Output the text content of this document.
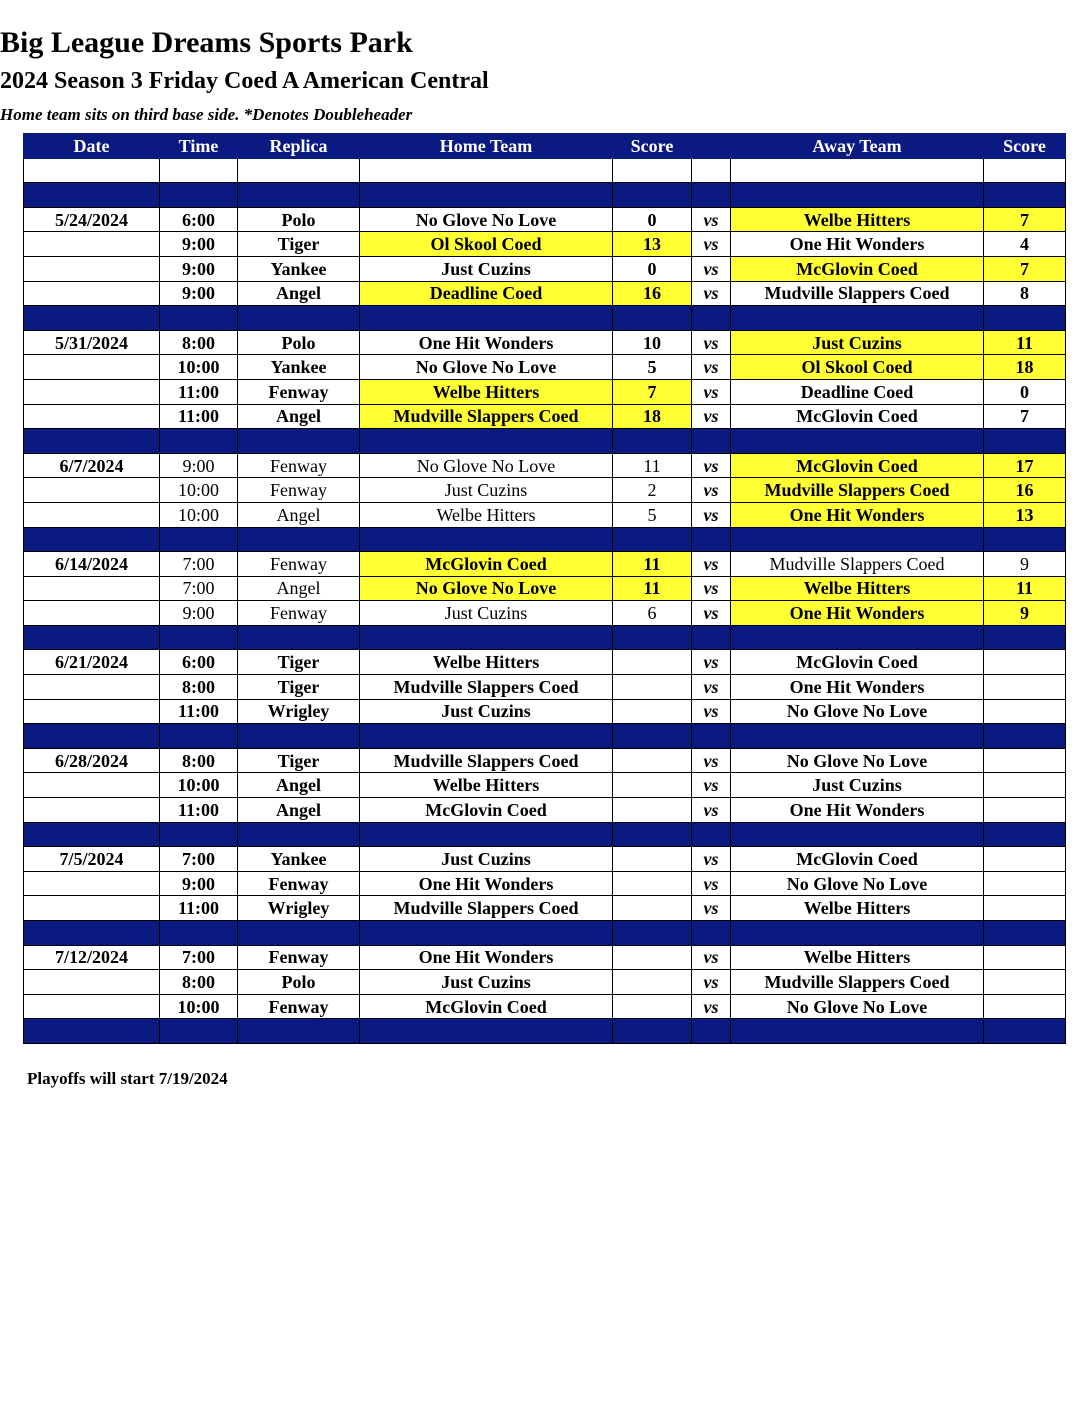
Big League Dreams Sports Park
2024 Season 3 Friday Coed A American Central
Home team sits on third base side. *Denotes Doubleheader
Date	Time	Replica	Home Team	Score		Away Team	Score

5/24/2024	6:00	Polo	No Glove No Love	0	vs	Welbe Hitters	7
	9:00	Tiger	Ol Skool Coed	13	vs	One Hit Wonders	4
	9:00	Yankee	Just Cuzins	0	vs	McGlovin Coed	7
	9:00	Angel	Deadline Coed	16	vs	Mudville Slappers Coed	8

5/31/2024	8:00	Polo	One Hit Wonders	10	vs	Just Cuzins	11
	10:00	Yankee	No Glove No Love	5	vs	Ol Skool Coed	18
	11:00	Fenway	Welbe Hitters	7	vs	Deadline Coed	0
	11:00	Angel	Mudville Slappers Coed	18	vs	McGlovin Coed	7

6/7/2024	9:00	Fenway	No Glove No Love	11	vs	McGlovin Coed	17
	10:00	Fenway	Just Cuzins	2	vs	Mudville Slappers Coed	16
	10:00	Angel	Welbe Hitters	5	vs	One Hit Wonders	13

6/14/2024	7:00	Fenway	McGlovin Coed	11	vs	Mudville Slappers Coed	9
	7:00	Angel	No Glove No Love	11	vs	Welbe Hitters	11
	9:00	Fenway	Just Cuzins	6	vs	One Hit Wonders	9

6/21/2024	6:00	Tiger	Welbe Hitters		vs	McGlovin Coed	
	8:00	Tiger	Mudville Slappers Coed		vs	One Hit Wonders	
	11:00	Wrigley	Just Cuzins		vs	No Glove No Love	

6/28/2024	8:00	Tiger	Mudville Slappers Coed		vs	No Glove No Love	
	10:00	Angel	Welbe Hitters		vs	Just Cuzins	
	11:00	Angel	McGlovin Coed		vs	One Hit Wonders	

7/5/2024	7:00	Yankee	Just Cuzins		vs	McGlovin Coed	
	9:00	Fenway	One Hit Wonders		vs	No Glove No Love	
	11:00	Wrigley	Mudville Slappers Coed		vs	Welbe Hitters	

7/12/2024	7:00	Fenway	One Hit Wonders		vs	Welbe Hitters	
	8:00	Polo	Just Cuzins		vs	Mudville Slappers Coed	
	10:00	Fenway	McGlovin Coed		vs	No Glove No Love	

Playoffs will start 7/19/2024
